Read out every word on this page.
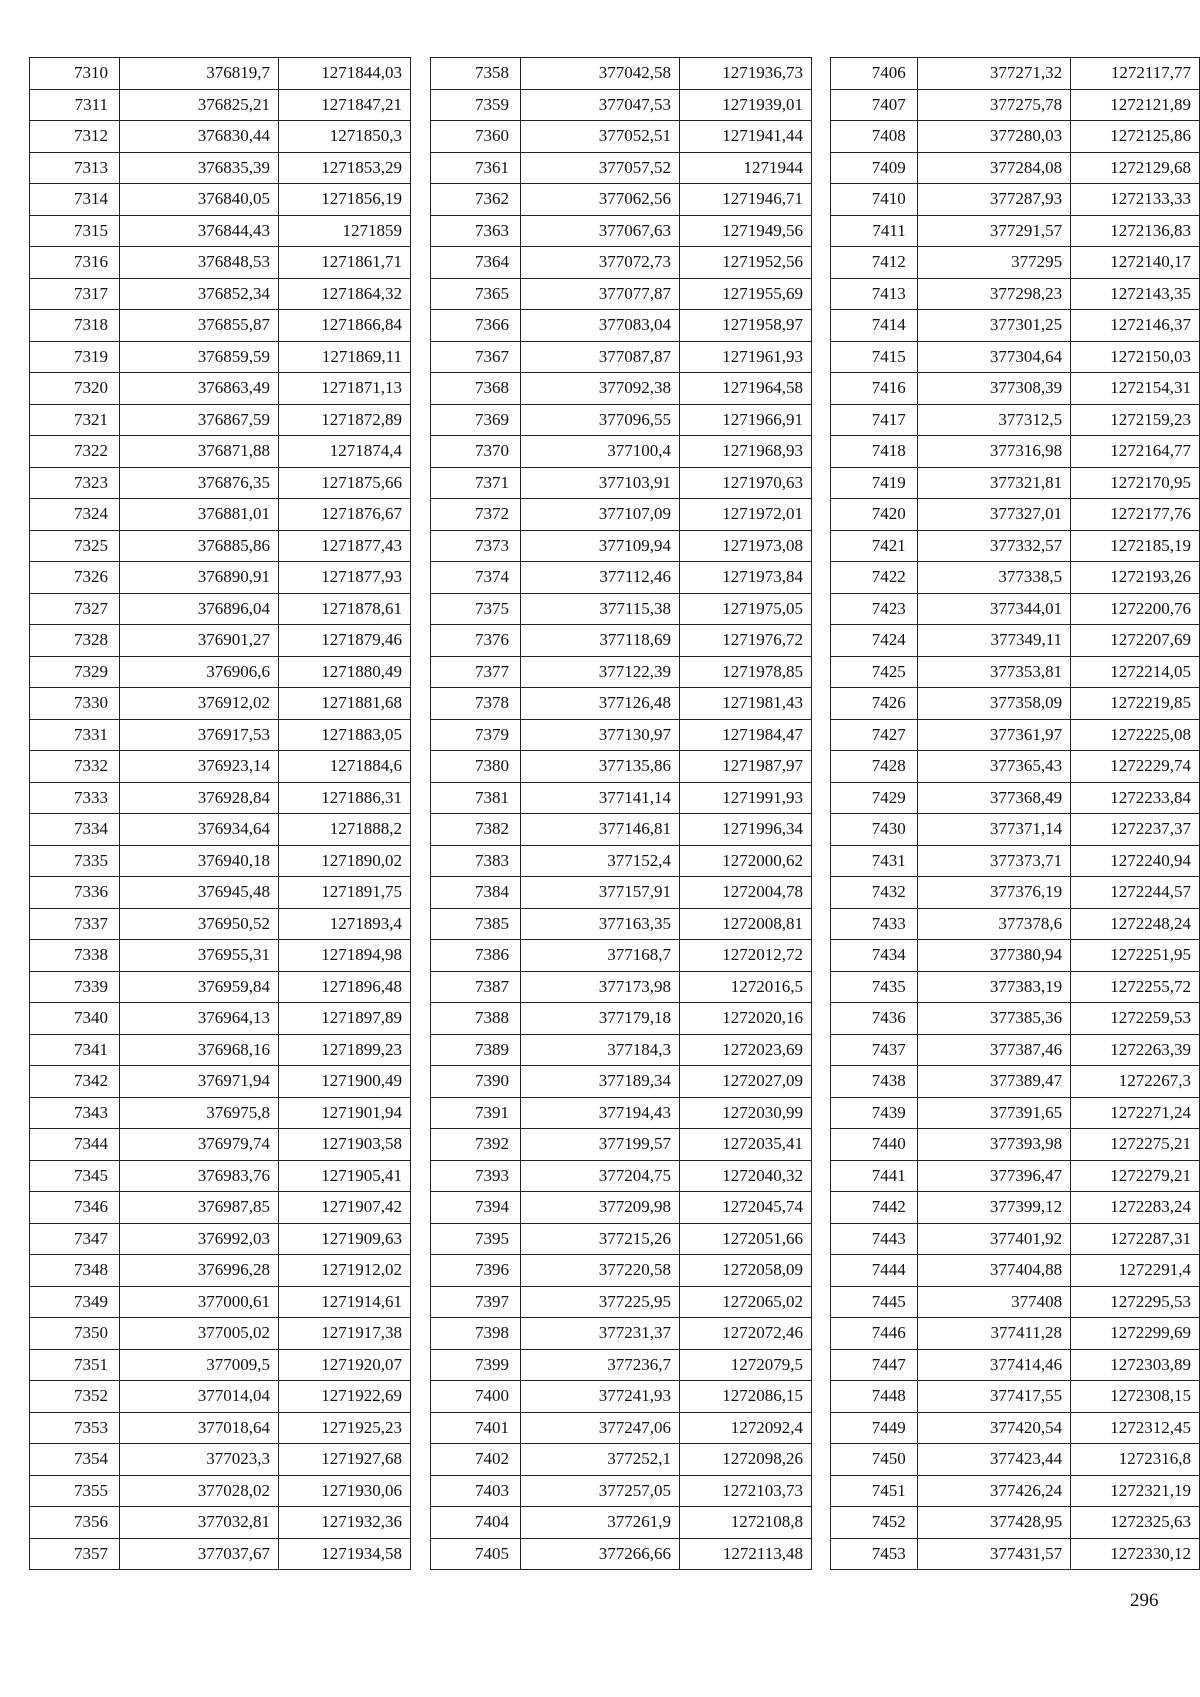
7310	376819,7	1271844,03
7311	376825,21	1271847,21
7312	376830,44	1271850,3
7313	376835,39	1271853,29
7314	376840,05	1271856,19
7315	376844,43	1271859
7316	376848,53	1271861,71
7317	376852,34	1271864,32
7318	376855,87	1271866,84
7319	376859,59	1271869,11
7320	376863,49	1271871,13
7321	376867,59	1271872,89
7322	376871,88	1271874,4
7323	376876,35	1271875,66
7324	376881,01	1271876,67
7325	376885,86	1271877,43
7326	376890,91	1271877,93
7327	376896,04	1271878,61
7328	376901,27	1271879,46
7329	376906,6	1271880,49
7330	376912,02	1271881,68
7331	376917,53	1271883,05
7332	376923,14	1271884,6
7333	376928,84	1271886,31
7334	376934,64	1271888,2
7335	376940,18	1271890,02
7336	376945,48	1271891,75
7337	376950,52	1271893,4
7338	376955,31	1271894,98
7339	376959,84	1271896,48
7340	376964,13	1271897,89
7341	376968,16	1271899,23
7342	376971,94	1271900,49
7343	376975,8	1271901,94
7344	376979,74	1271903,58
7345	376983,76	1271905,41
7346	376987,85	1271907,42
7347	376992,03	1271909,63
7348	376996,28	1271912,02
7349	377000,61	1271914,61
7350	377005,02	1271917,38
7351	377009,5	1271920,07
7352	377014,04	1271922,69
7353	377018,64	1271925,23
7354	377023,3	1271927,68
7355	377028,02	1271930,06
7356	377032,81	1271932,36
7357	377037,67	1271934,58
7358	377042,58	1271936,73
7359	377047,53	1271939,01
7360	377052,51	1271941,44
7361	377057,52	1271944
7362	377062,56	1271946,71
7363	377067,63	1271949,56
7364	377072,73	1271952,56
7365	377077,87	1271955,69
7366	377083,04	1271958,97
7367	377087,87	1271961,93
7368	377092,38	1271964,58
7369	377096,55	1271966,91
7370	377100,4	1271968,93
7371	377103,91	1271970,63
7372	377107,09	1271972,01
7373	377109,94	1271973,08
7374	377112,46	1271973,84
7375	377115,38	1271975,05
7376	377118,69	1271976,72
7377	377122,39	1271978,85
7378	377126,48	1271981,43
7379	377130,97	1271984,47
7380	377135,86	1271987,97
7381	377141,14	1271991,93
7382	377146,81	1271996,34
7383	377152,4	1272000,62
7384	377157,91	1272004,78
7385	377163,35	1272008,81
7386	377168,7	1272012,72
7387	377173,98	1272016,5
7388	377179,18	1272020,16
7389	377184,3	1272023,69
7390	377189,34	1272027,09
7391	377194,43	1272030,99
7392	377199,57	1272035,41
7393	377204,75	1272040,32
7394	377209,98	1272045,74
7395	377215,26	1272051,66
7396	377220,58	1272058,09
7397	377225,95	1272065,02
7398	377231,37	1272072,46
7399	377236,7	1272079,5
7400	377241,93	1272086,15
7401	377247,06	1272092,4
7402	377252,1	1272098,26
7403	377257,05	1272103,73
7404	377261,9	1272108,8
7405	377266,66	1272113,48
7406	377271,32	1272117,77
7407	377275,78	1272121,89
7408	377280,03	1272125,86
7409	377284,08	1272129,68
7410	377287,93	1272133,33
7411	377291,57	1272136,83
7412	377295	1272140,17
7413	377298,23	1272143,35
7414	377301,25	1272146,37
7415	377304,64	1272150,03
7416	377308,39	1272154,31
7417	377312,5	1272159,23
7418	377316,98	1272164,77
7419	377321,81	1272170,95
7420	377327,01	1272177,76
7421	377332,57	1272185,19
7422	377338,5	1272193,26
7423	377344,01	1272200,76
7424	377349,11	1272207,69
7425	377353,81	1272214,05
7426	377358,09	1272219,85
7427	377361,97	1272225,08
7428	377365,43	1272229,74
7429	377368,49	1272233,84
7430	377371,14	1272237,37
7431	377373,71	1272240,94
7432	377376,19	1272244,57
7433	377378,6	1272248,24
7434	377380,94	1272251,95
7435	377383,19	1272255,72
7436	377385,36	1272259,53
7437	377387,46	1272263,39
7438	377389,47	1272267,3
7439	377391,65	1272271,24
7440	377393,98	1272275,21
7441	377396,47	1272279,21
7442	377399,12	1272283,24
7443	377401,92	1272287,31
7444	377404,88	1272291,4
7445	377408	1272295,53
7446	377411,28	1272299,69
7447	377414,46	1272303,89
7448	377417,55	1272308,15
7449	377420,54	1272312,45
7450	377423,44	1272316,8
7451	377426,24	1272321,19
7452	377428,95	1272325,63
7453	377431,57	1272330,12
296
